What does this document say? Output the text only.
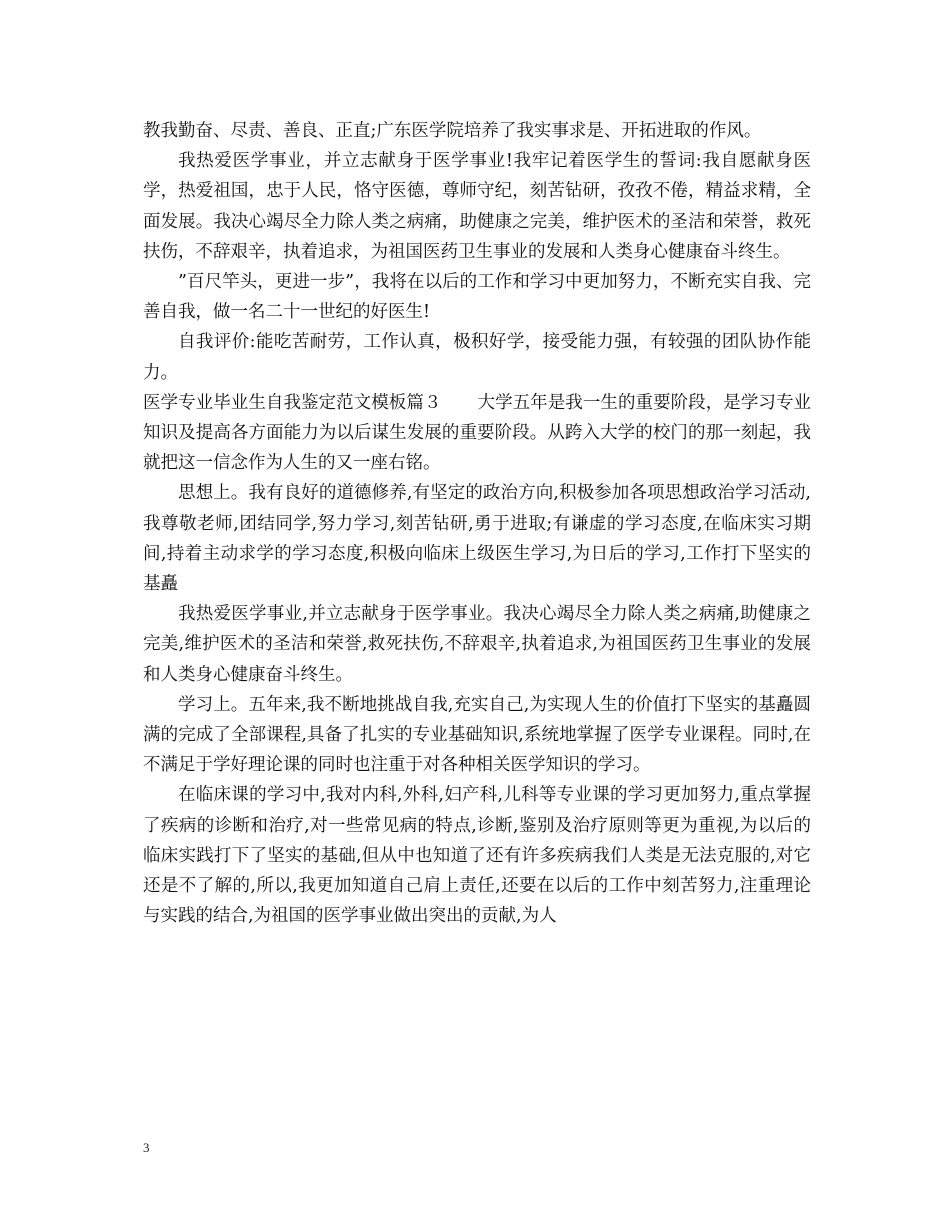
教我勤奋、尽责、善良、正直;广东医学院培养了我实事求是、开拓进取的作风。

我热爱医学事业，并立志献身于医学事业!我牢记着医学生的誓词:我自愿献身医学，热爱祖国，忠于人民，恪守医德，尊师守纪，刻苦钻研，孜孜不倦，精益求精，全面发展。我决心竭尽全力除人类之病痛，助健康之完美，维护医术的圣洁和荣誉，救死扶伤，不辞艰辛，执着追求，为祖国医药卫生事业的发展和人类身心健康奋斗终生。

”百尺竿头，更进一步”，我将在以后的工作和学习中更加努力，不断充实自我、完善自我，做一名二十一世纪的好医生!

自我评价:能吃苦耐劳，工作认真，极积好学，接受能力强，有较强的团队协作能力。

医学专业毕业生自我鉴定范文模板篇３ 大学五年是我一生的重要阶段，是学习专业知识及提高各方面能力为以后谋生发展的重要阶段。从跨入大学的校门的那一刻起，我就把这一信念作为人生的又一座右铭。

思想上。我有良好的道德修养,有坚定的政治方向,积极参加各项思想政治学习活动,我尊敬老师,团结同学,努力学习,刻苦钻研,勇于进取;有谦虚的学习态度,在临床实习期间,持着主动求学的学习态度,积极向临床上级医生学习,为日后的学习,工作打下坚实的基矗

我热爱医学事业,并立志献身于医学事业。我决心竭尽全力除人类之病痛,助健康之完美,维护医术的圣洁和荣誉,救死扶伤,不辞艰辛,执着追求,为祖国医药卫生事业的发展和人类身心健康奋斗终生。

学习上。五年来,我不断地挑战自我,充实自己,为实现人生的价值打下坚实的基矗圆满的完成了全部课程,具备了扎实的专业基础知识,系统地掌握了医学专业课程。同时,在不满足于学好理论课的同时也注重于对各种相关医学知识的学习。

在临床课的学习中,我对内科,外科,妇产科,儿科等专业课的学习更加努力,重点掌握了疾病的诊断和治疗,对一些常见病的特点,诊断,鉴别及治疗原则等更为重视,为以后的临床实践打下了坚实的基础,但从中也知道了还有许多疾病我们人类是无法克服的,对它还是不了解的,所以,我更加知道自己肩上责任,还要在以后的工作中刻苦努力,注重理论与实践的结合,为祖国的医学事业做出突出的贡献,为人

3
